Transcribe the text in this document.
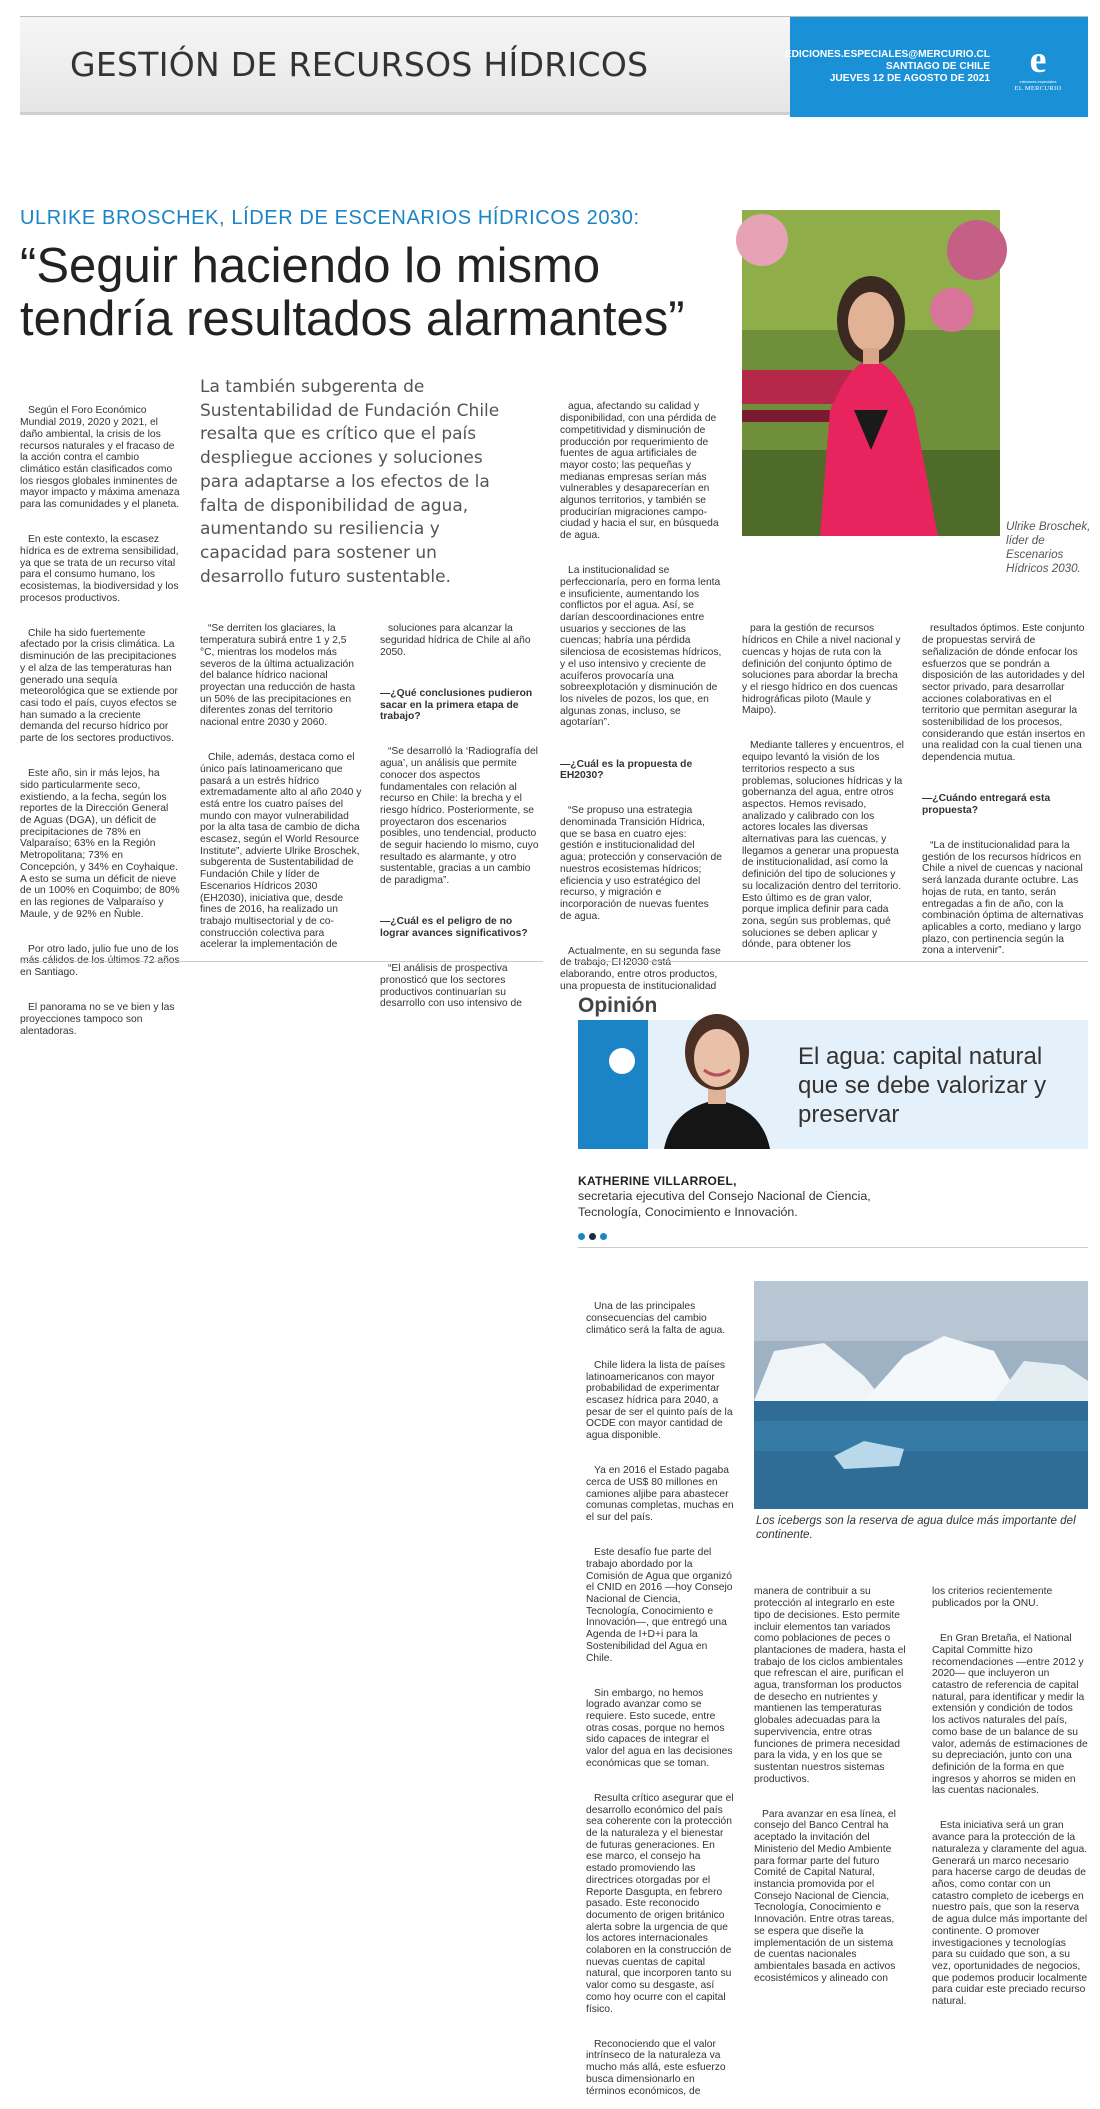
GESTIÓN DE RECURSOS HÍDRICOS	EDICIONES.ESPECIALES@MERCURIO.CL
SANTIAGO DE CHILE
JUEVES 12 DE AGOSTO DE 2021	e
ediciones especiales
EL MERCURIO
ULRIKE BROSCHEK, LÍDER DE ESCENARIOS HÍDRICOS 2030:
“Seguir haciendo lo mismo tendría resultados alarmantes”
Ulrike Broschek, líder de Escenarios Hídricos 2030.
La también subgerenta de Sustentabilidad de Fundación Chile resalta que es crítico que el país despliegue acciones y soluciones para adaptarse a los efectos de la falta de disponibilidad de agua, aumentando su resiliencia y capacidad para sostener un desarrollo futuro sustentable.

Según el Foro Económico Mundial 2019, 2020 y 2021, el daño ambiental, la crisis de los recursos naturales y el fracaso de la acción contra el cambio climático están clasificados como los riesgos globales inminentes de mayor impacto y máxima amenaza para las comunidades y el planeta.

En este contexto, la escasez hídrica es de extrema sensibilidad, ya que se trata de un recurso vital para el consumo humano, los ecosistemas, la biodiversidad y los procesos productivos.

Chile ha sido fuertemente afectado por la crisis climática. La disminución de las precipitaciones y el alza de las temperaturas han generado una sequía meteorológica que se extiende por casi todo el país, cuyos efectos se han sumado a la creciente demanda del recurso hídrico por parte de los sectores productivos.

Este año, sin ir más lejos, ha sido particularmente seco, existiendo, a la fecha, según los reportes de la Dirección General de Aguas (DGA), un déficit de precipitaciones de 78% en Valparaíso; 63% en la Región Metropolitana; 73% en Concepción, y 34% en Coyhaique. A esto se suma un déficit de nieve de un 100% en Coquimbo; de 80% en las regiones de Valparaíso y Maule, y de 92% en Ñuble.

Por otro lado, julio fue uno de los más cálidos de los últimos 72 años en Santiago.

El panorama no se ve bien y las proyecciones tampoco son alentadoras.

“Se derriten los glaciares, la temperatura subirá entre 1 y 2,5 °C, mientras los modelos más severos de la última actualización del balance hídrico nacional proyectan una reducción de hasta un 50% de las precipitaciones en diferentes zonas del territorio nacional entre 2030 y 2060.

Chile, además, destaca como el único país latinoamericano que pasará a un estrés hídrico extremadamente alto al año 2040 y está entre los cuatro países del mundo con mayor vulnerabilidad por la alta tasa de cambio de dicha escasez, según el World Resource Institute”, advierte Ulrike Broschek, subgerenta de Sustentabilidad de Fundación Chile y líder de Escenarios Hídricos 2030 (EH2030), iniciativa que, desde fines de 2016, ha realizado un trabajo multisectorial y de co-construcción colectiva para acelerar la implementación de

soluciones para alcanzar la seguridad hídrica de Chile al año 2050.

—¿Qué conclusiones pudieron sacar en la primera etapa de trabajo?

“Se desarrolló la ‘Radiografía del agua’, un análisis que permite conocer dos aspectos fundamentales con relación al recurso en Chile: la brecha y el riesgo hídrico. Posteriormente, se proyectaron dos escenarios posibles, uno tendencial, producto de seguir haciendo lo mismo, cuyo resultado es alarmante, y otro sustentable, gracias a un cambio de paradigma”.

—¿Cuál es el peligro de no lograr avances significativos?

“El análisis de prospectiva pronosticó que los sectores productivos continuarían su desarrollo con uso intensivo de

agua, afectando su calidad y disponibilidad, con una pérdida de competitividad y disminución de producción por requerimiento de fuentes de agua artificiales de mayor costo; las pequeñas y medianas empresas serían más vulnerables y desaparecerían en algunos territorios, y también se producirían migraciones campo-ciudad y hacia el sur, en búsqueda de agua.

La institucionalidad se perfeccionaría, pero en forma lenta e insuficiente, aumentando los conflictos por el agua. Así, se darían descoordinaciones entre usuarios y secciones de las cuencas; habría una pérdida silenciosa de ecosistemas hídricos, y el uso intensivo y creciente de acuíferos provocaría una sobreexplotación y disminución de los niveles de pozos, los que, en algunas zonas, incluso, se agotarían”.

—¿Cuál es la propuesta de EH2030?

“Se propuso una estrategia denominada Transición Hídrica, que se basa en cuatro ejes: gestión e institucionalidad del agua; protección y conservación de nuestros ecosistemas hídricos; eficiencia y uso estratégico del recurso, y migración e incorporación de nuevas fuentes de agua.

Actualmente, en su segunda fase de trabajo, EH2030 está elaborando, entre otros productos, una propuesta de institucionalidad

para la gestión de recursos hídricos en Chile a nivel nacional y cuencas y hojas de ruta con la definición del conjunto óptimo de soluciones para abordar la brecha y el riesgo hídrico en dos cuencas hidrográficas piloto (Maule y Maipo).

Mediante talleres y encuentros, el equipo levantó la visión de los territorios respecto a sus problemas, soluciones hídricas y la gobernanza del agua, entre otros aspectos. Hemos revisado, analizado y calibrado con los actores locales las diversas alternativas para las cuencas, y llegamos a generar una propuesta de institucionalidad, así como la definición del tipo de soluciones y su localización dentro del territorio. Esto último es de gran valor, porque implica definir para cada zona, según sus problemas, qué soluciones se deben aplicar y dónde, para obtener los

resultados óptimos. Este conjunto de propuestas servirá de señalización de dónde enfocar los esfuerzos que se pondrán a disposición de las autoridades y del sector privado, para desarrollar acciones colaborativas en el territorio que permitan asegurar la sostenibilidad de los procesos, considerando que están insertos en una realidad con la cual tienen una dependencia mutua.

—¿Cuándo entregará esta propuesta?

“La de institucionalidad para la gestión de los recursos hídricos en Chile a nivel de cuencas y nacional será lanzada durante octubre. Las hojas de ruta, en tanto, serán entregadas a fin de año, con la combinación óptima de alternativas aplicables a corto, mediano y largo plazo, con pertinencia según la zona a intervenir”.

Opinión
El agua: capital natural que se debe valorizar y preservar
KATHERINE VILLARROEL,
secretaria ejecutiva del Consejo Nacional de Ciencia, Tecnología, Conocimiento e Innovación.

Una de las principales consecuencias del cambio climático será la falta de agua.

Chile lidera la lista de países latinoamericanos con mayor probabilidad de experimentar escasez hídrica para 2040, a pesar de ser el quinto país de la OCDE con mayor cantidad de agua disponible.

Ya en 2016 el Estado pagaba cerca de US$ 80 millones en camiones aljibe para abastecer comunas completas, muchas en el sur del país.

Este desafío fue parte del trabajo abordado por la Comisión de Agua que organizó el CNID en 2016 —hoy Consejo Nacional de Ciencia, Tecnología, Conocimiento e Innovación—, que entregó una Agenda de I+D+i para la Sostenibilidad del Agua en Chile.

Sin embargo, no hemos logrado avanzar como se requiere. Esto sucede, entre otras cosas, porque no hemos sido capaces de integrar el valor del agua en las decisiones económicas que se toman.

Resulta crítico asegurar que el desarrollo económico del país sea coherente con la protección de la naturaleza y el bienestar de futuras generaciones. En ese marco, el consejo ha estado promoviendo las directrices otorgadas por el Reporte Dasgupta, en febrero pasado. Este reconocido documento de origen británico alerta sobre la urgencia de que los actores internacionales colaboren en la construcción de nuevas cuentas de capital natural, que incorporen tanto su valor como su desgaste, así como hoy ocurre con el capital físico.

Reconociendo que el valor intrínseco de la naturaleza va mucho más allá, este esfuerzo busca dimensionarlo en términos económicos, de

Los icebergs son la reserva de agua dulce más importante del continente.

manera de contribuir a su protección al integrarlo en este tipo de decisiones. Esto permite incluir elementos tan variados como poblaciones de peces o plantaciones de madera, hasta el trabajo de los ciclos ambientales que refrescan el aire, purifican el agua, transforman los productos de desecho en nutrientes y mantienen las temperaturas globales adecuadas para la supervivencia, entre otras funciones de primera necesidad para la vida, y en los que se sustentan nuestros sistemas productivos.

Para avanzar en esa línea, el consejo del Banco Central ha aceptado la invitación del Ministerio del Medio Ambiente para formar parte del futuro Comité de Capital Natural, instancia promovida por el Consejo Nacional de Ciencia, Tecnología, Conocimiento e Innovación. Entre otras tareas, se espera que diseñe la implementación de un sistema de cuentas nacionales ambientales basada en activos ecosistémicos y alineado con

los criterios recientemente publicados por la ONU.

En Gran Bretaña, el National Capital Committe hizo recomendaciones —entre 2012 y 2020— que incluyeron un catastro de referencia de capital natural, para identificar y medir la extensión y condición de todos los activos naturales del país, como base de un balance de su valor, además de estimaciones de su depreciación, junto con una definición de la forma en que ingresos y ahorros se miden en las cuentas nacionales.

Esta iniciativa será un gran avance para la protección de la naturaleza y claramente del agua. Generará un marco necesario para hacerse cargo de deudas de años, como contar con un catastro completo de icebergs en nuestro país, que son la reserva de agua dulce más importante del continente. O promover investigaciones y tecnologías para su cuidado que son, a su vez, oportunidades de negocios, que podemos producir localmente para cuidar este preciado recurso natural.
